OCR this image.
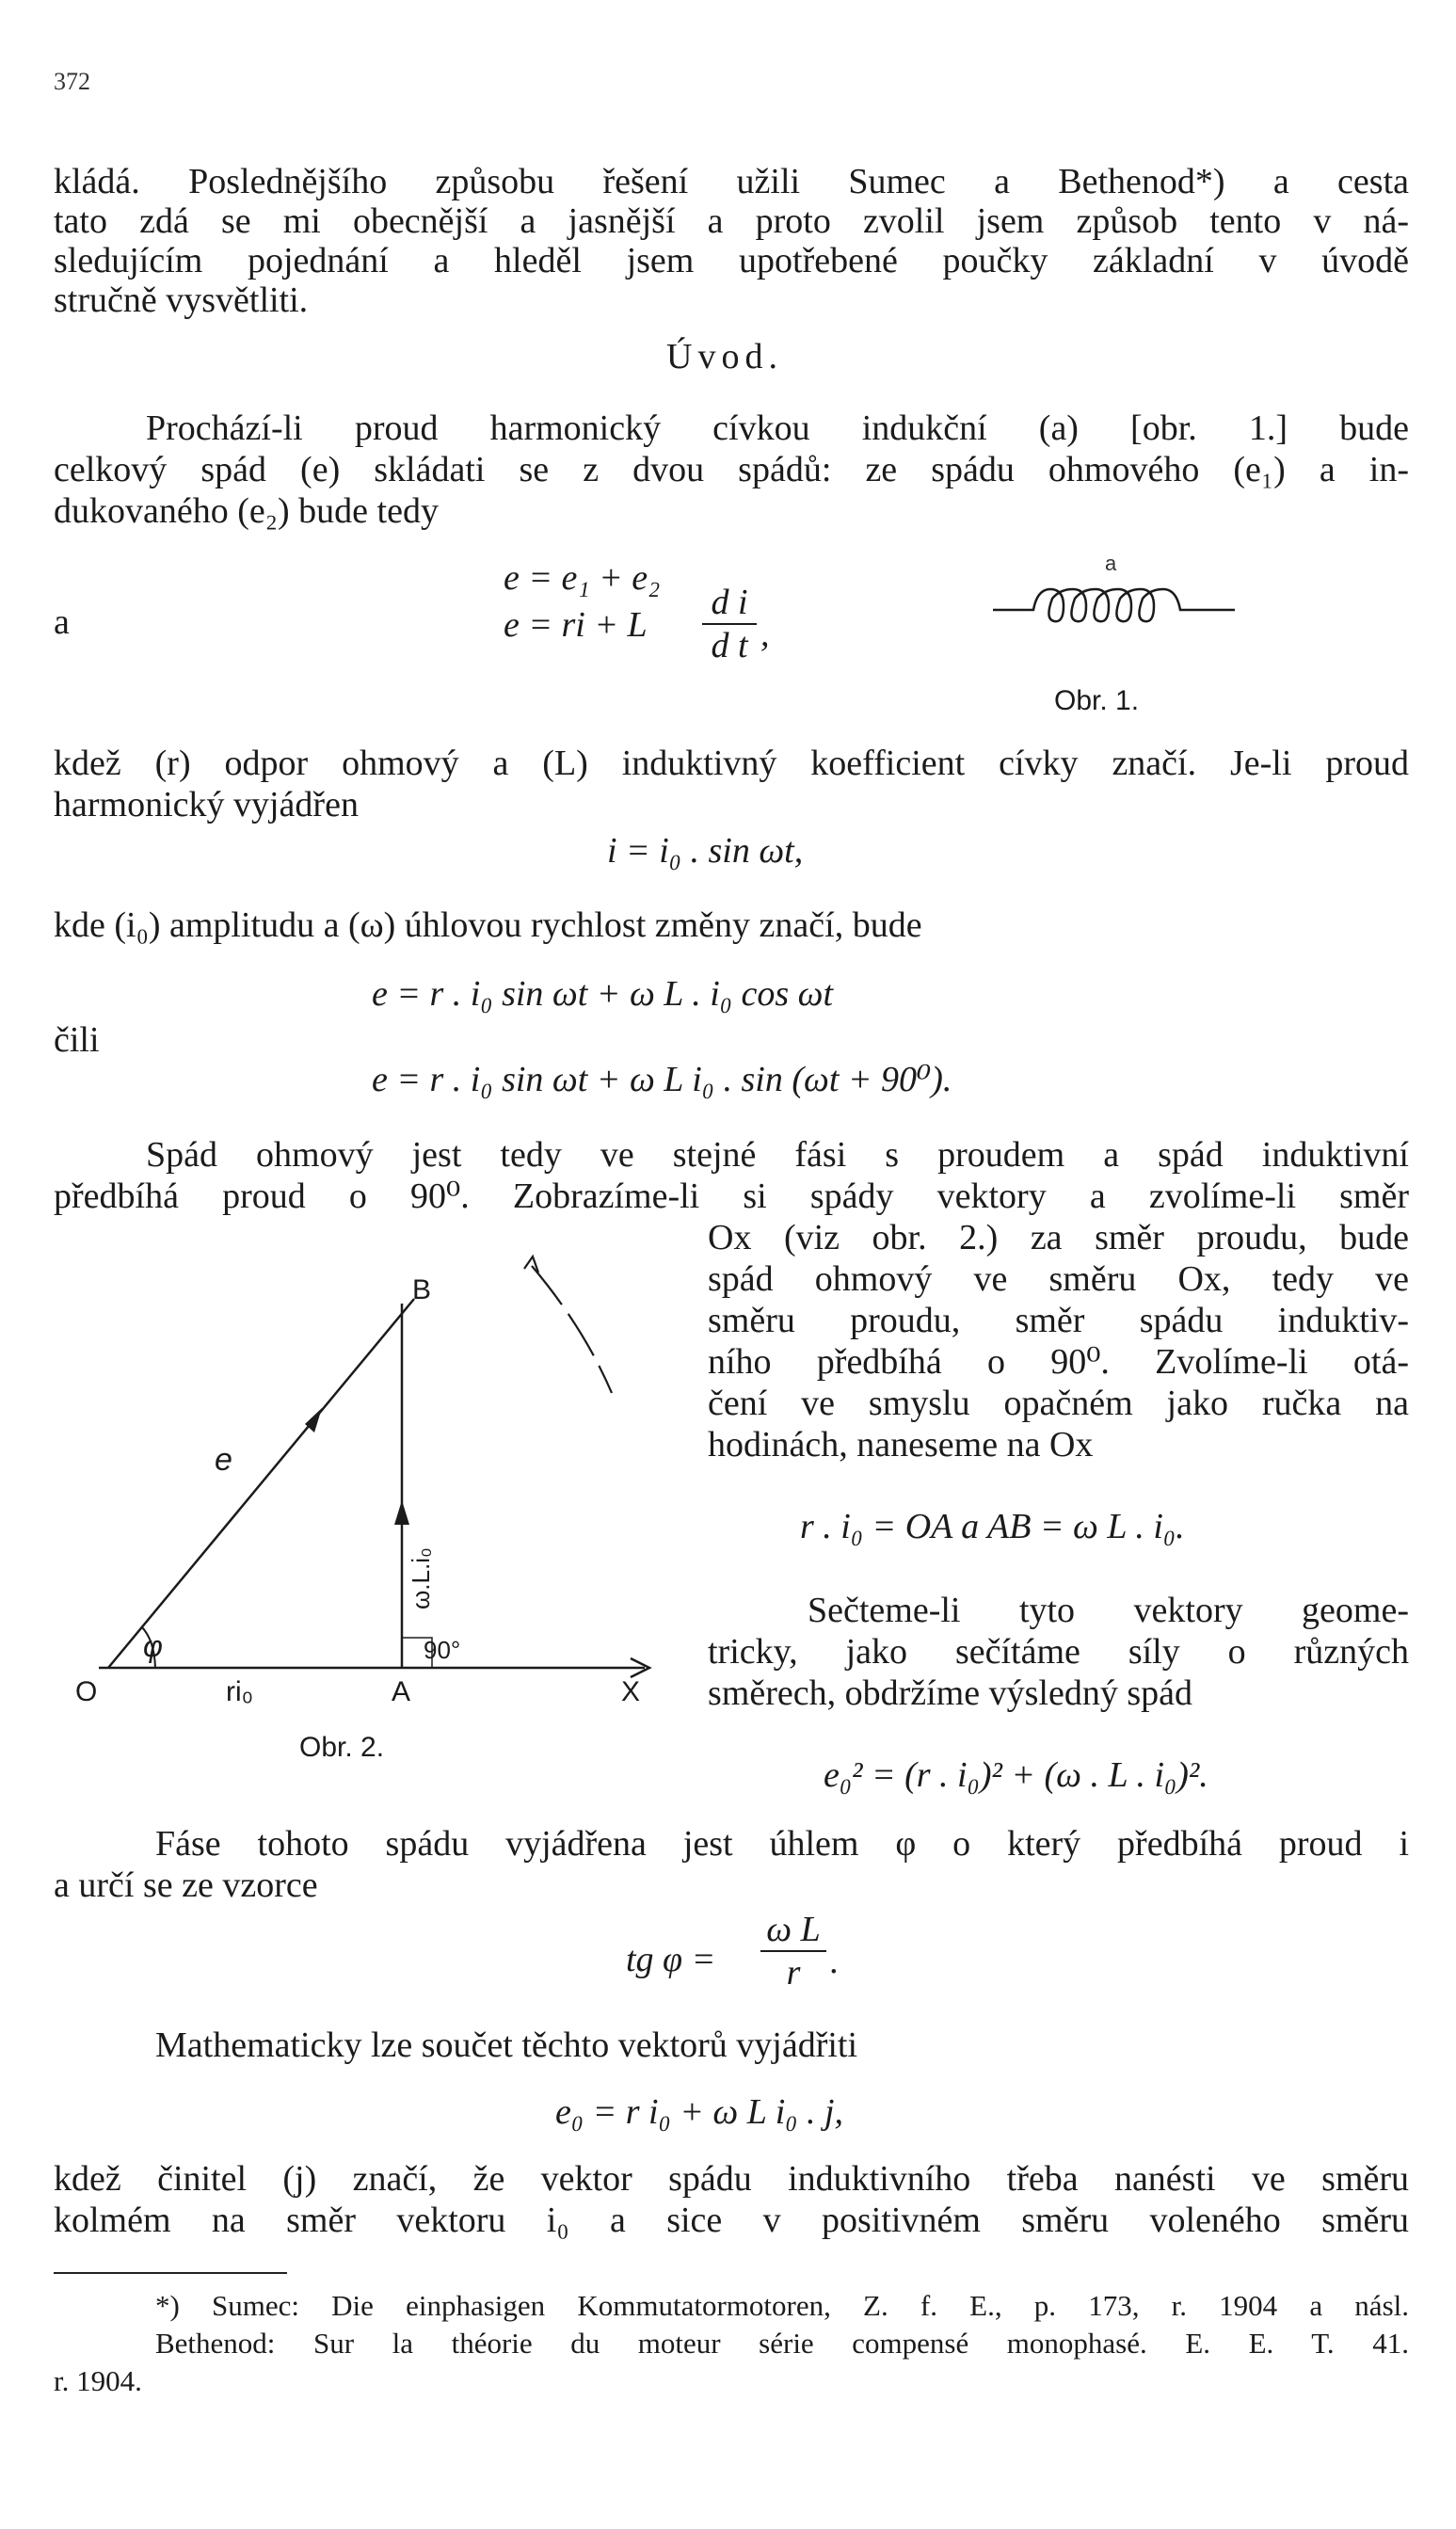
372
kládá. Poslednějšího způsobu řešení užili Sumec a Bethenod*) a cesta
tato zdá se mi obecnější a jasnější a proto zvolil jsem způsob tento v ná-
sledujícím pojednání a hleděl jsem upotřebené poučky základní v úvodě
stručně vysvětliti.
Úvod.
Prochází-li proud harmonický cívkou indukční (a) [obr. 1.] bude
celkový spád (e) skládati se z dvou spádů: ze spádu ohmového (e₁) a in-
dukovaného (e₂) bude tedy
e = e₁ + e₂
a	e = ri + L
d i
d t ,
a
Obr. 1.
kdež (r) odpor ohmový a (L) induktivný koefficient cívky značí. Je-li proud
harmonický vyjádřen
i = i₀ . sin ωt,
kde (i₀) amplitudu a (ω) úhlovou rychlost změny značí, bude
e = r . i₀ sin ωt + ω L . i₀ cos ωt
čili
e = r . i₀ sin ωt + ω L i₀ . sin (ωt + 90⁰).
Spád ohmový jest tedy ve stejné fási s proudem a spád induktivní
předbíhá proud o 90⁰. Zobrazíme-li si spády vektory a zvolíme-li směr
Ox (viz obr. 2.) za směr proudu, bude
spád ohmový ve směru Ox, tedy ve
směru proudu, směr spádu induktiv-
ního předbíhá o 90⁰. Zvolíme-li otá-
čení ve smyslu opačném jako ručka na
hodinách, naneseme na Ox
r . i₀ = OA a AB = ω L . i₀.
Sečteme-li tyto vektory geome-
tricky, jako sečítáme síly o různých
směrech, obdržíme výsledný spád
e₀² = (r . i₀)² + (ω . L . i₀)².
B
O	A	X
ri₀
e
φ	90°
ω.L.i₀
Obr. 2.
Fáse tohoto spádu vyjádřena jest úhlem φ o který předbíhá proud i
a určí se ze vzorce
tg φ =
ω L
r .
Mathematicky lze součet těchto vektorů vyjádřiti
e₀ = r i₀ + ω L i₀ . j,
kdež činitel (j) značí, že vektor spádu induktivního třeba nanésti ve směru
kolmém na směr vektoru i₀ a sice v positivném směru voleného směru
*) Sumec: Die einphasigen Kommutatormotoren, Z. f. E., p. 173, r. 1904 a násl.
Bethenod: Sur la théorie du moteur série compensé monophasé. E. E. T. 41.
r. 1904.
